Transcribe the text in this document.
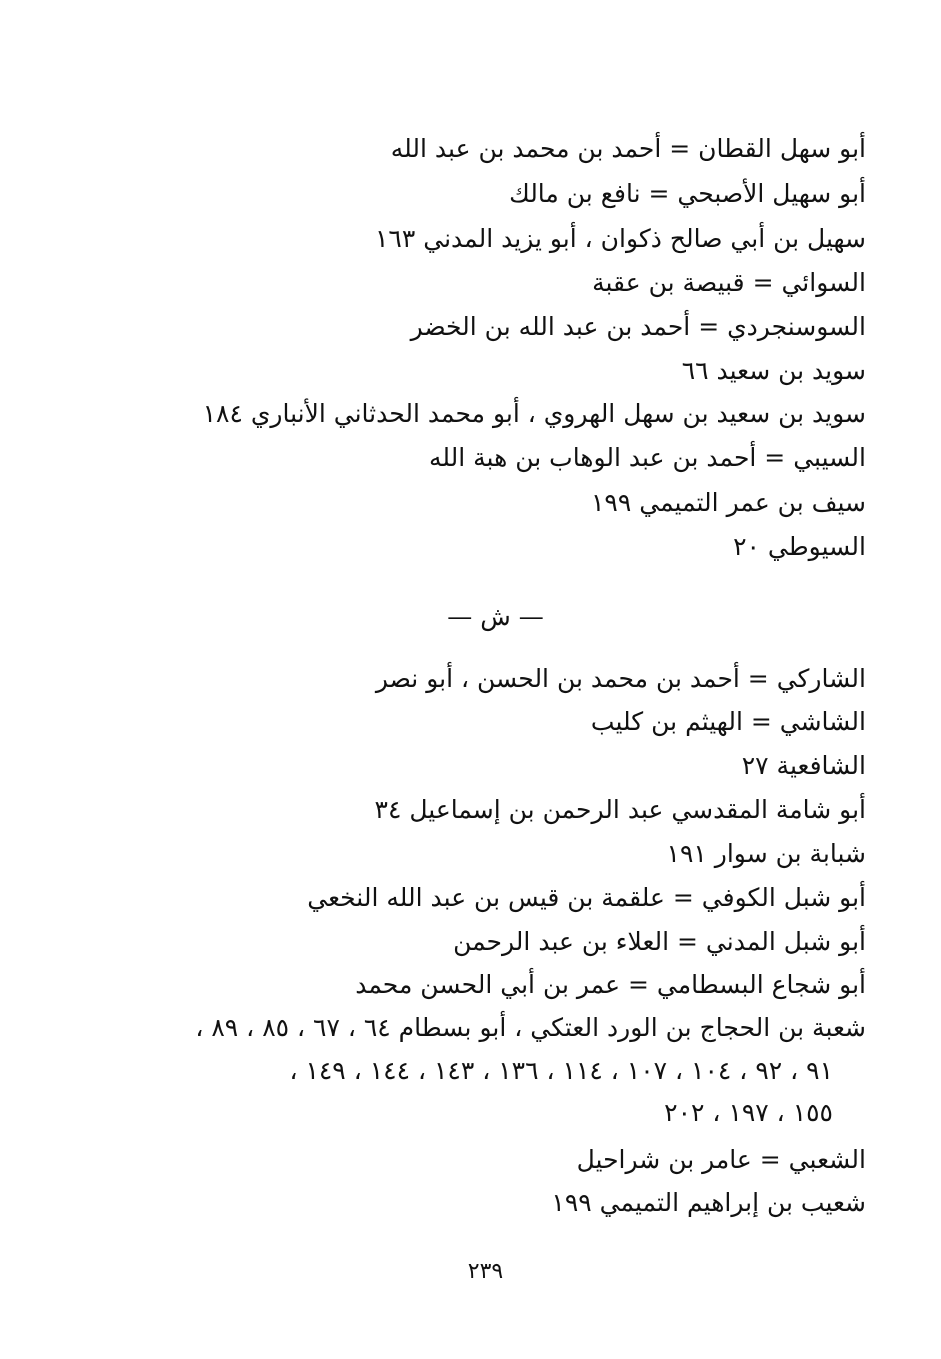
أبو سهل القطان = أحمد بن محمد بن عبد الله
أبو سهيل الأصبحي = نافع بن مالك
سهيل بن أبي صالح ذكوان ، أبو يزيد المدني ١٦٣
السوائي = قبيصة بن عقبة
السوسنجردي = أحمد بن عبد الله بن الخضر
سويد بن سعيد ٦٦
سويد بن سعيد بن سهل الهروي ، أبو محمد الحدثاني الأنباري ١٨٤
السيبي = أحمد بن عبد الوهاب بن هبة الله
سيف بن عمر التميمي ١٩٩
السيوطي ٢٠
— ش —
الشاركي = أحمد بن محمد بن الحسن ، أبو نصر
الشاشي = الهيثم بن كليب
الشافعية ٢٧
أبو شامة المقدسي عبد الرحمن بن إسماعيل ٣٤
شبابة بن سوار ١٩١
أبو شبل الكوفي = علقمة بن قيس بن عبد الله النخعي
أبو شبل المدني = العلاء بن عبد الرحمن
أبو شجاع البسطامي = عمر بن أبي الحسن محمد
شعبة بن الحجاج بن الورد العتكي ، أبو بسطام ٦٤ ، ٦٧ ، ٨٥ ، ٨٩ ،
٩١ ، ٩٢ ، ١٠٤ ، ١٠٧ ، ١١٤ ، ١٣٦ ، ١٤٣ ، ١٤٤ ، ١٤٩ ،
١٥٥ ، ١٩٧ ، ٢٠٢
الشعبي = عامر بن شراحيل
شعيب بن إبراهيم التميمي ١٩٩
٢٣٩
